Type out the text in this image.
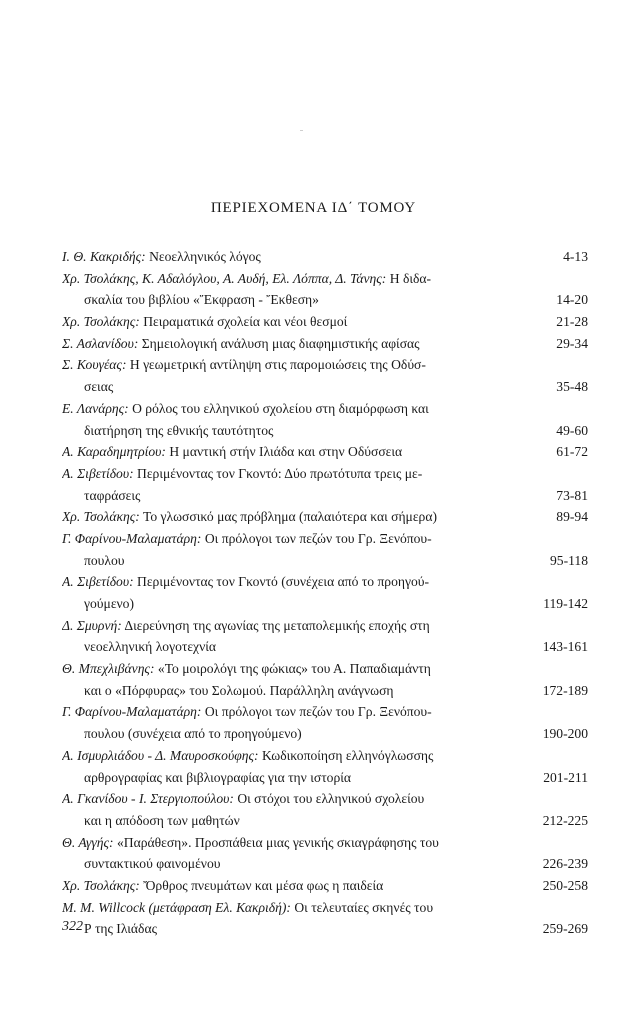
ΠΕΡΙΕΧΟΜΕΝΑ ΙΔ΄ ΤΟΜΟΥ
Ι. Θ. Κακριδής: Νεοελληνικός λόγος	4-13
Χρ. Τσολάκης, Κ. Αδαλόγλου, Α. Αυδή, Ελ. Λόππα, Δ. Τάνης: Η διδα-
σκαλία του βιβλίου «Ἔκφραση - Ἔκθεση»	14-20
Χρ. Τσολάκης: Πειραματικά σχολεία και νέοι θεσμοί	21-28
Σ. Ασλανίδου: Σημειολογική ανάλυση μιας διαφημιστικής αφίσας	29-34
Σ. Κουγέας: Η γεωμετρική αντίληψη στις παρομοιώσεις της Οδύσ-
σειας	35-48
Ε. Λανάρης: Ο ρόλος του ελληνικού σχολείου στη διαμόρφωση και
διατήρηση της εθνικής ταυτότητος	49-60
Α. Καραδημητρίου: Η μαντική στήν Ιλιάδα και στην Οδύσσεια	61-72
Α. Σιβετίδου: Περιμένοντας τον Γκοντό: Δύο πρωτότυπα τρεις με-
ταφράσεις	73-81
Χρ. Τσολάκης: Το γλωσσικό μας πρόβλημα (παλαιότερα και σήμερα)	89-94
Γ. Φαρίνου-Μαλαματάρη: Οι πρόλογοι των πεζών του Γρ. Ξενόπου-
πουλου	95-118
Α. Σιβετίδου: Περιμένοντας τον Γκοντό (συνέχεια από το προηγού-
γούμενο)	119-142
Δ. Σμυρνή: Διερεύνηση της αγωνίας της μεταπολεμικής εποχής στη
νεοελληνική λογοτεχνία	143-161
Θ. Μπεχλιβάνης: «Το μοιρολόγι της φώκιας» του Α. Παπαδιαμάντη
και ο «Πόρφυρας» του Σολωμού. Παράλληλη ανάγνωση	172-189
Γ. Φαρίνου-Μαλαματάρη: Οι πρόλογοι των πεζών του Γρ. Ξενόπου-
πουλου (συνέχεια από το προηγούμενο)	190-200
Α. Ισμυρλιάδου - Δ. Μαυροσκούφης: Κωδικοποίηση ελληνόγλωσσης
αρθρογραφίας και βιβλιογραφίας για την ιστορία	201-211
Α. Γκανίδου - Ι. Στεργιοπούλου: Οι στόχοι του ελληνικού σχολείου
και η απόδοση των μαθητών	212-225
Θ. Αγγής: «Παράθεση». Προσπάθεια μιας γενικής σκιαγράφησης του
συντακτικού φαινομένου	226-239
Χρ. Τσολάκης: Ὄρθρος πνευμάτων και μέσα φως η παιδεία	250-258
M. M. Willcock (μετάφραση Ελ. Κακριδή): Οι τελευταίες σκηνές του
Ρ της Ιλιάδας	259-269
322
